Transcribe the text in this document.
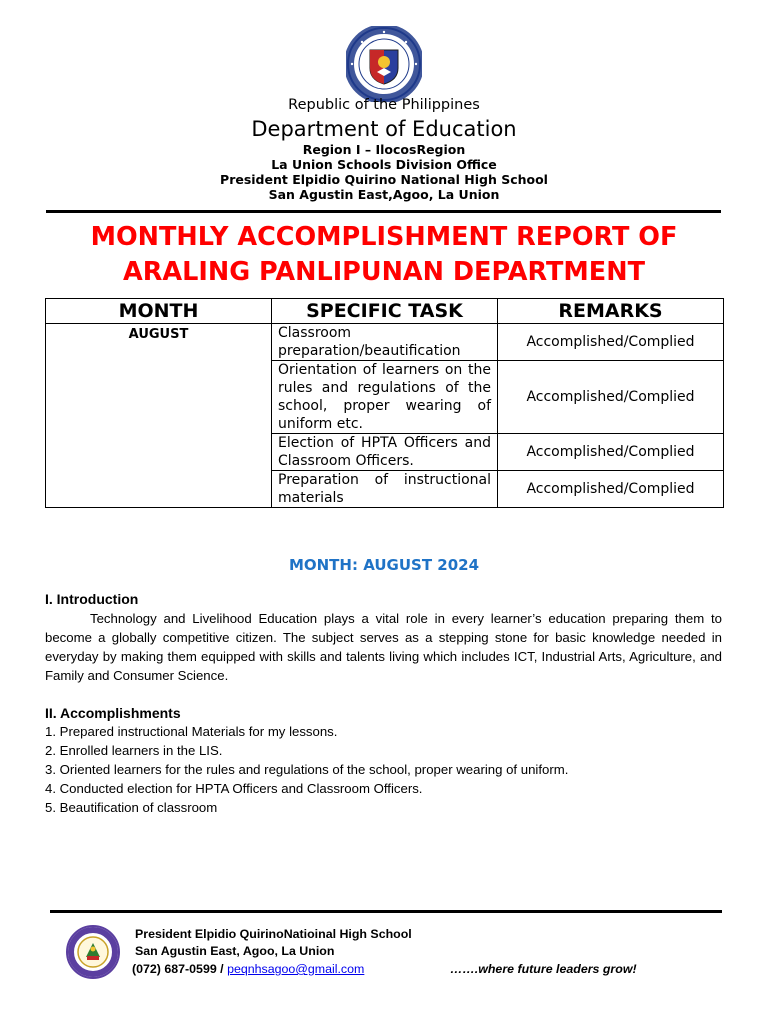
Republic of the Philippines
Department of Education
Region I – IlocosRegion
La Union Schools Division Office
President Elpidio Quirino National High School
San Agustin East,Agoo, La Union
MONTHLY ACCOMPLISHMENT REPORT OF
ARALING PANLIPUNAN DEPARTMENT
MONTH	SPECIFIC TASK	REMARKS
AUGUST	Classroom preparation/beautification	Accomplished/Complied
	Orientation of learners on the rules and regulations of the school, proper wearing of uniform etc.	Accomplished/Complied
	Election of HPTA Officers and Classroom Officers.	Accomplished/Complied
	Preparation of instructional materials	Accomplished/Complied
MONTH: AUGUST 2024
I. Introduction
Technology and Livelihood Education plays a vital role in every learner’s education preparing them to become a globally competitive citizen. The subject serves as a stepping stone for basic knowledge needed in everyday by making them equipped with skills and talents living which includes ICT, Industrial Arts, Agriculture, and Family and Consumer Science.
II. Accomplishments
1. Prepared instructional Materials for my lessons.
2. Enrolled learners in the LIS.
3. Oriented learners for the rules and regulations of the school, proper wearing of uniform.
4. Conducted election for HPTA Officers and Classroom Officers.
5. Beautification of classroom
President Elpidio QuirinoNatioinal High School
San Agustin East, Agoo, La Union
(072) 687-0599 / peqnhsagoo@gmail.com	…….where future leaders grow!
